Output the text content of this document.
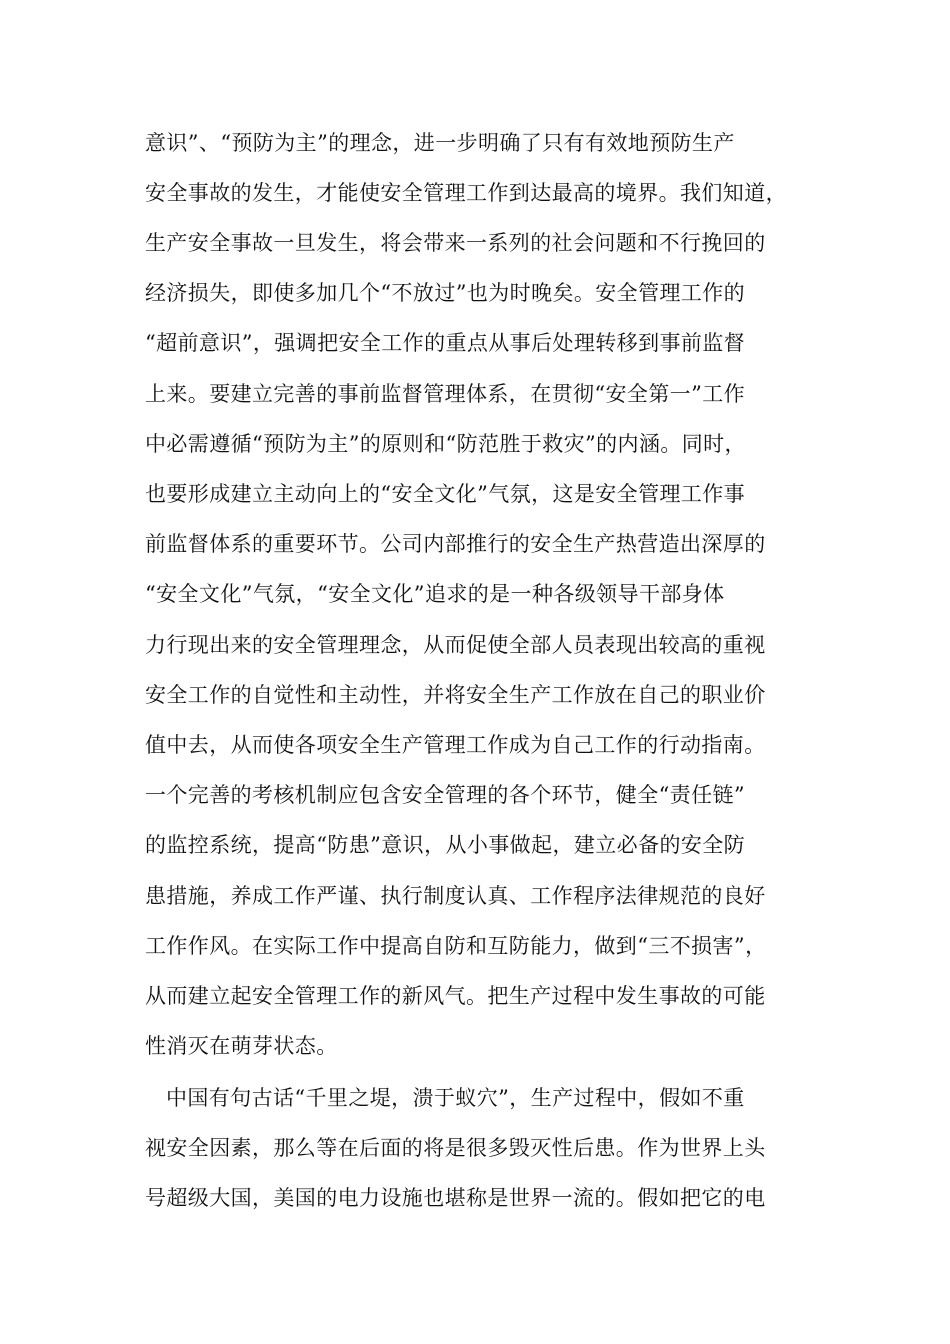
意识”、“预防为主”的理念，进一步明确了只有有效地预防生产
安全事故的发生，才能使安全管理工作到达最高的境界。我们知道，
生产安全事故一旦发生，将会带来一系列的社会问题和不行挽回的
经济损失，即使多加几个“不放过”也为时晚矣。安全管理工作的
“超前意识”，强调把安全工作的重点从事后处理转移到事前监督
上来。要建立完善的事前监督管理体系，在贯彻“安全第一”工作
中必需遵循“预防为主”的原则和“防范胜于救灾”的内涵。同时，
也要形成建立主动向上的“安全文化”气氛，这是安全管理工作事
前监督体系的重要环节。公司内部推行的安全生产热营造出深厚的
“安全文化”气氛，“安全文化”追求的是一种各级领导干部身体
力行现出来的安全管理理念，从而促使全部人员表现出较高的重视
安全工作的自觉性和主动性，并将安全生产工作放在自己的职业价
值中去，从而使各项安全生产管理工作成为自己工作的行动指南。
一个完善的考核机制应包含安全管理的各个环节，健全“责任链”
的监控系统，提高“防患”意识，从小事做起，建立必备的安全防
患措施，养成工作严谨、执行制度认真、工作程序法律规范的良好
工作作风。在实际工作中提高自防和互防能力，做到“三不损害”，
从而建立起安全管理工作的新风气。把生产过程中发生事故的可能
性消灭在萌芽状态。
中国有句古话“千里之堤，溃于蚁穴”，生产过程中，假如不重
视安全因素，那么等在后面的将是很多毁灭性后患。作为世界上头
号超级大国，美国的电力设施也堪称是世界一流的。假如把它的电
